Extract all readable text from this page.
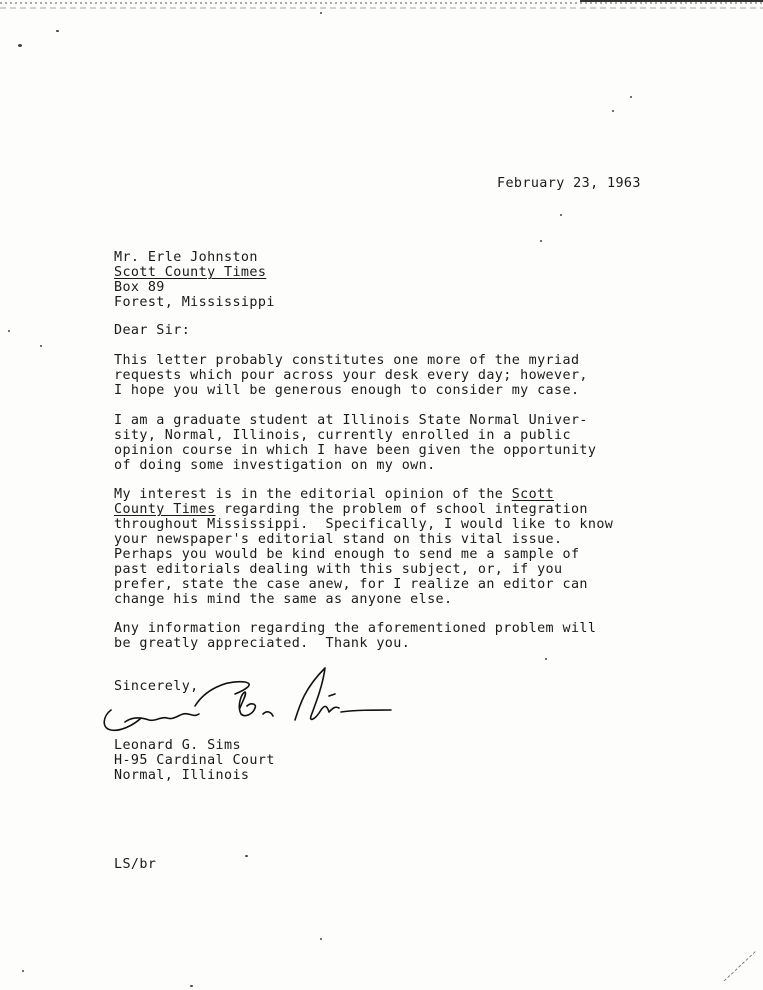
February 23, 1963
Mr. Erle Johnston
Scott County Times
Box 89
Forest, Mississippi
Dear Sir:
This letter probably constitutes one more of the myriad
requests which pour across your desk every day; however,
I hope you will be generous enough to consider my case.
I am a graduate student at Illinois State Normal Univer-
sity, Normal, Illinois, currently enrolled in a public
opinion course in which I have been given the opportunity
of doing some investigation on my own.
My interest is in the editorial opinion of the Scott
County Times regarding the problem of school integration
throughout Mississippi.  Specifically, I would like to know
your newspaper's editorial stand on this vital issue.
Perhaps you would be kind enough to send me a sample of
past editorials dealing with this subject, or, if you
prefer, state the case anew, for I realize an editor can
change his mind the same as anyone else.
Any information regarding the aforementioned problem will
be greatly appreciated.  Thank you.
Sincerely,
Leonard G. Sims
H-95 Cardinal Court
Normal, Illinois
LS/br
